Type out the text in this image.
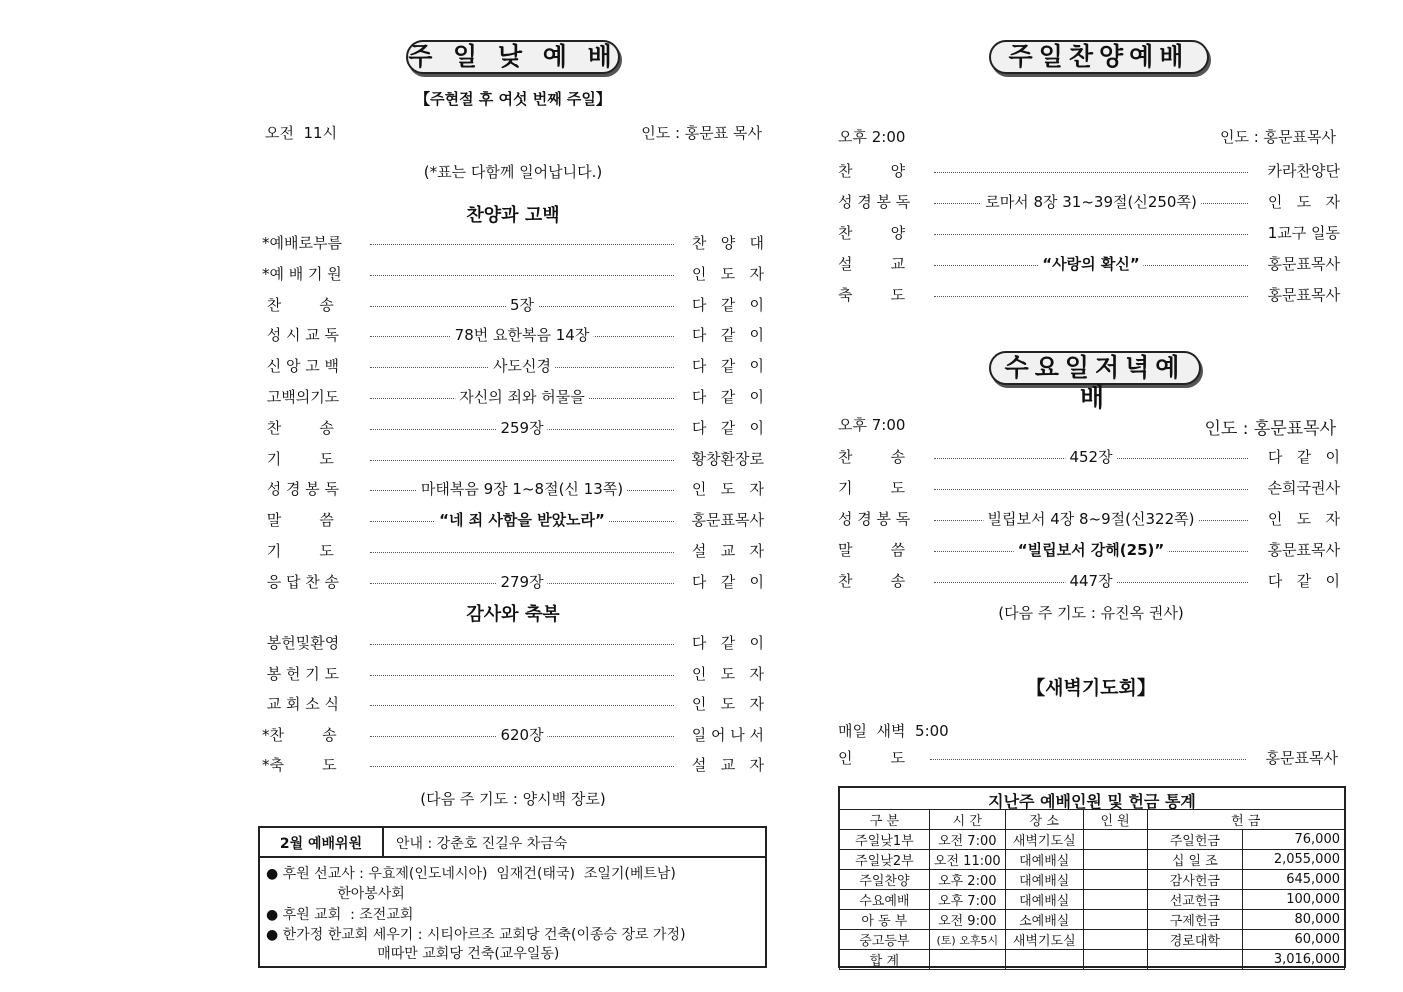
주 일 낮 예 배
【주현절 후 여섯 번째 주일】
오전  11시	인도 : 홍문표 목사
(*표는 다함께 일어납니다.)
찬양과 고백
*예배로부름	찬   양   대
*예 배 기 원	인   도   자
찬        송	5장	다   같   이
성 시 교 독	78번 요한복음 14장	다   같   이
신 앙 고 백	사도신경	다   같   이
고백의기도	자신의 죄와 허물을	다   같   이
찬        송	259장	다   같   이
기        도	황창환장로
성 경 봉 독	마태복음 9장 1~8절(신 13쪽)	인   도   자
말        씀	“네 죄 사함을 받았노라”	홍문표목사
기        도	설   교   자
응 답 찬 송	279장	다   같   이
감사와 축복
봉헌및환영	다   같   이
봉 헌 기 도	인   도   자
교 회 소 식	인   도   자
*찬        송	620장	일 어 나 서
*축        도	설   교   자
(다음 주 기도 : 양시백 장로)
2월 예배위원	안내 : 강춘호 진길우 차금숙
● 후원 선교사 : 우효제(인도네시아)  임재건(태국)  조일기(베트남)
한아봉사회
● 후원 교회  : 조전교회
● 한가정 한교회 세우기 : 시티아르조 교회당 건축(이종승 장로 가정)
매따만 교회당 건축(교우일동)
주일찬양예배
오후 2:00	인도 : 홍문표목사
찬        양	카라찬양단
성 경 봉 독	로마서 8장 31~39절(신250쪽)	인   도   자
찬        양	1교구 일동
설        교	“사랑의 확신”	홍문표목사
축        도	홍문표목사
수요일저녁예배
오후 7:00	인도 : 홍문표목사
찬        송	452장	다   같   이
기        도	손희국권사
성 경 봉 독	빌립보서 4장 8~9절(신322쪽)	인   도   자
말        씀	“빌립보서 강해(25)”	홍문표목사
찬        송	447장	다   같   이
(다음 주 기도 : 유진옥 권사)
【새벽기도회】
매일  새벽  5:00
인        도	홍문표목사
지난주 예배인원 및 헌금 통계
구 분	시 간	장 소	인 원	헌 금	
주일낮1부	오전 7:00	새벽기도실		주일헌금	76,000
주일낮2부	오전 11:00	대예배실		십 일 조	2,055,000
주일찬양	오후 2:00	대예배실		감사헌금	645,000
수요예배	오후 7:00	대예배실		선교헌금	100,000
아 동 부	오전 9:00	소예배실		구제헌금	80,000
중고등부	(토) 오후5시	새벽기도실		경로대학	60,000
합 계					3,016,000
